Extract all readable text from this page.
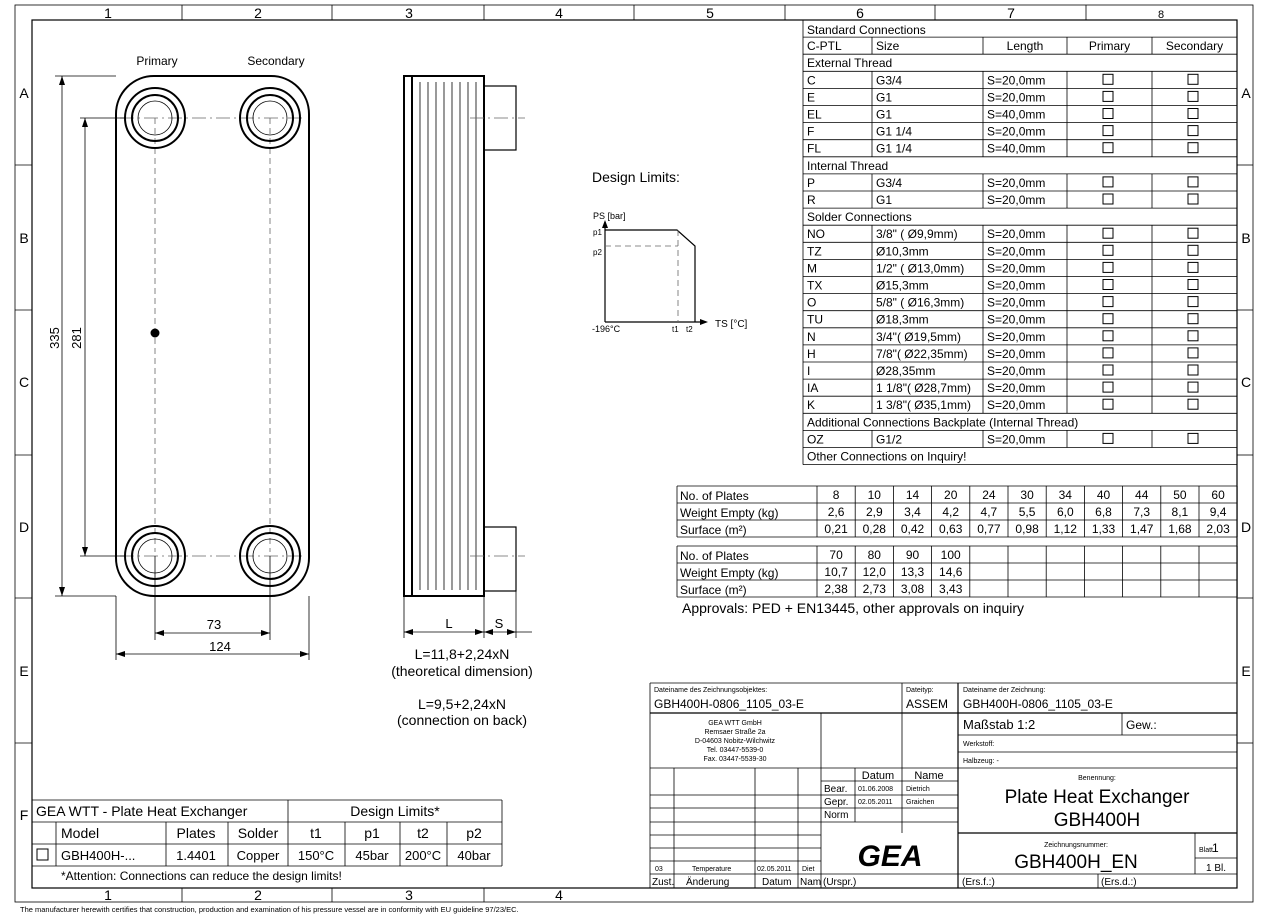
1	2	3	4	5	6	7	8
1	2	3	4
A
B
C
D
E
F
A
B
C
D
E
Primary	Secondary
335 281
73
124
L	S
L=11,8+2,24xN
(theoretical dimension)
L=9,5+2,24xN
(connection on back)
Design Limits:
PS [bar]
p1
p2
-196°C	t1 t2 TS [°C]
Standard Connections
C-PTL	Size	Length	Primary	Secondary
External Thread
C	G3/4	S=20,0mm
E	G1	S=20,0mm
EL	G1	S=40,0mm
F	G1 1/4	S=20,0mm
FL	G1 1/4	S=40,0mm
Internal Thread
P	G3/4	S=20,0mm
R	G1	S=20,0mm
Solder Connections
NO	3/8" ( Ø9,9mm) S=20,0mm
TZ	Ø10,3mm	S=20,0mm
M	1/2" ( Ø13,0mm) S=20,0mm
TX	Ø15,3mm	S=20,0mm
O	5/8" ( Ø16,3mm) S=20,0mm
TU	Ø18,3mm	S=20,0mm
N	3/4"( Ø19,5mm) S=20,0mm
H	7/8"( Ø22,35mm) S=20,0mm
I	Ø28,35mm	S=20,0mm
IA	1 1/8"( Ø28,7mm) S=20,0mm
K	1 3/8"( Ø35,1mm) S=20,0mm
Additional Connections Backplate (Internal Thread)
OZ	G1/2	S=20,0mm
Other Connections on Inquiry!
No. of Plates	8 10 14 20 24 30 34 40 44 50 60
Weight Empty (kg)	2,6 2,9 3,4 4,2 4,7 5,5 6,0 6,8 7,3 8,1 9,4
Surface (m²)	0,21 0,28 0,42 0,63 0,77 0,98 1,12 1,33 1,47 1,68 2,03
No. of Plates	70 80 90 100
Weight Empty (kg)	10,7 12,0 13,3 14,6
Surface (m²)	2,38 2,73 3,08 3,43
Approvals: PED + EN13445, other approvals on inquiry
GEA WTT - Plate Heat Exchanger	Design Limits*
Model	Plates Solder t1	p1	t2	p2
GBH400H-...	1.4401 Copper 150°C 45bar 200°C 40bar
*Attention: Connections can reduce the design limits!
Dateiname des Zeichnungsobjektes:
GBH400H-0806_1105_03-E
Dateityp:
ASSEM
Dateiname der Zeichnung:
GBH400H-0806_1105_03-E
GEA WTT GmbH
Remsaer Straße 2a
D-04603 Nobitz-Wilchwitz
Tel. 03447-5539-0
Fax. 03447-5539-30
Maßstab 1:2	Gew.:
Werkstoff:
Halbzeug: -
Datum Name
Bear. 01.06.2008 Dietrich
Gepr. 02.05.2011 Graichen
Norm
Benennung:
Plate Heat Exchanger
GBH400H
Zeichnungsnummer:
GBH400H_EN
Blatt
1
1 Bl.
03	Temperature	02.05.2011 Diet
Zust. Änderung	Datum Nam (Urspr.)	(Ers.f.:)	(Ers.d.:)
GEA
The manufacturer herewith certifies that construction, production and examination of his pressure vessel are in conformity with EU guideline 97/23/EC.
